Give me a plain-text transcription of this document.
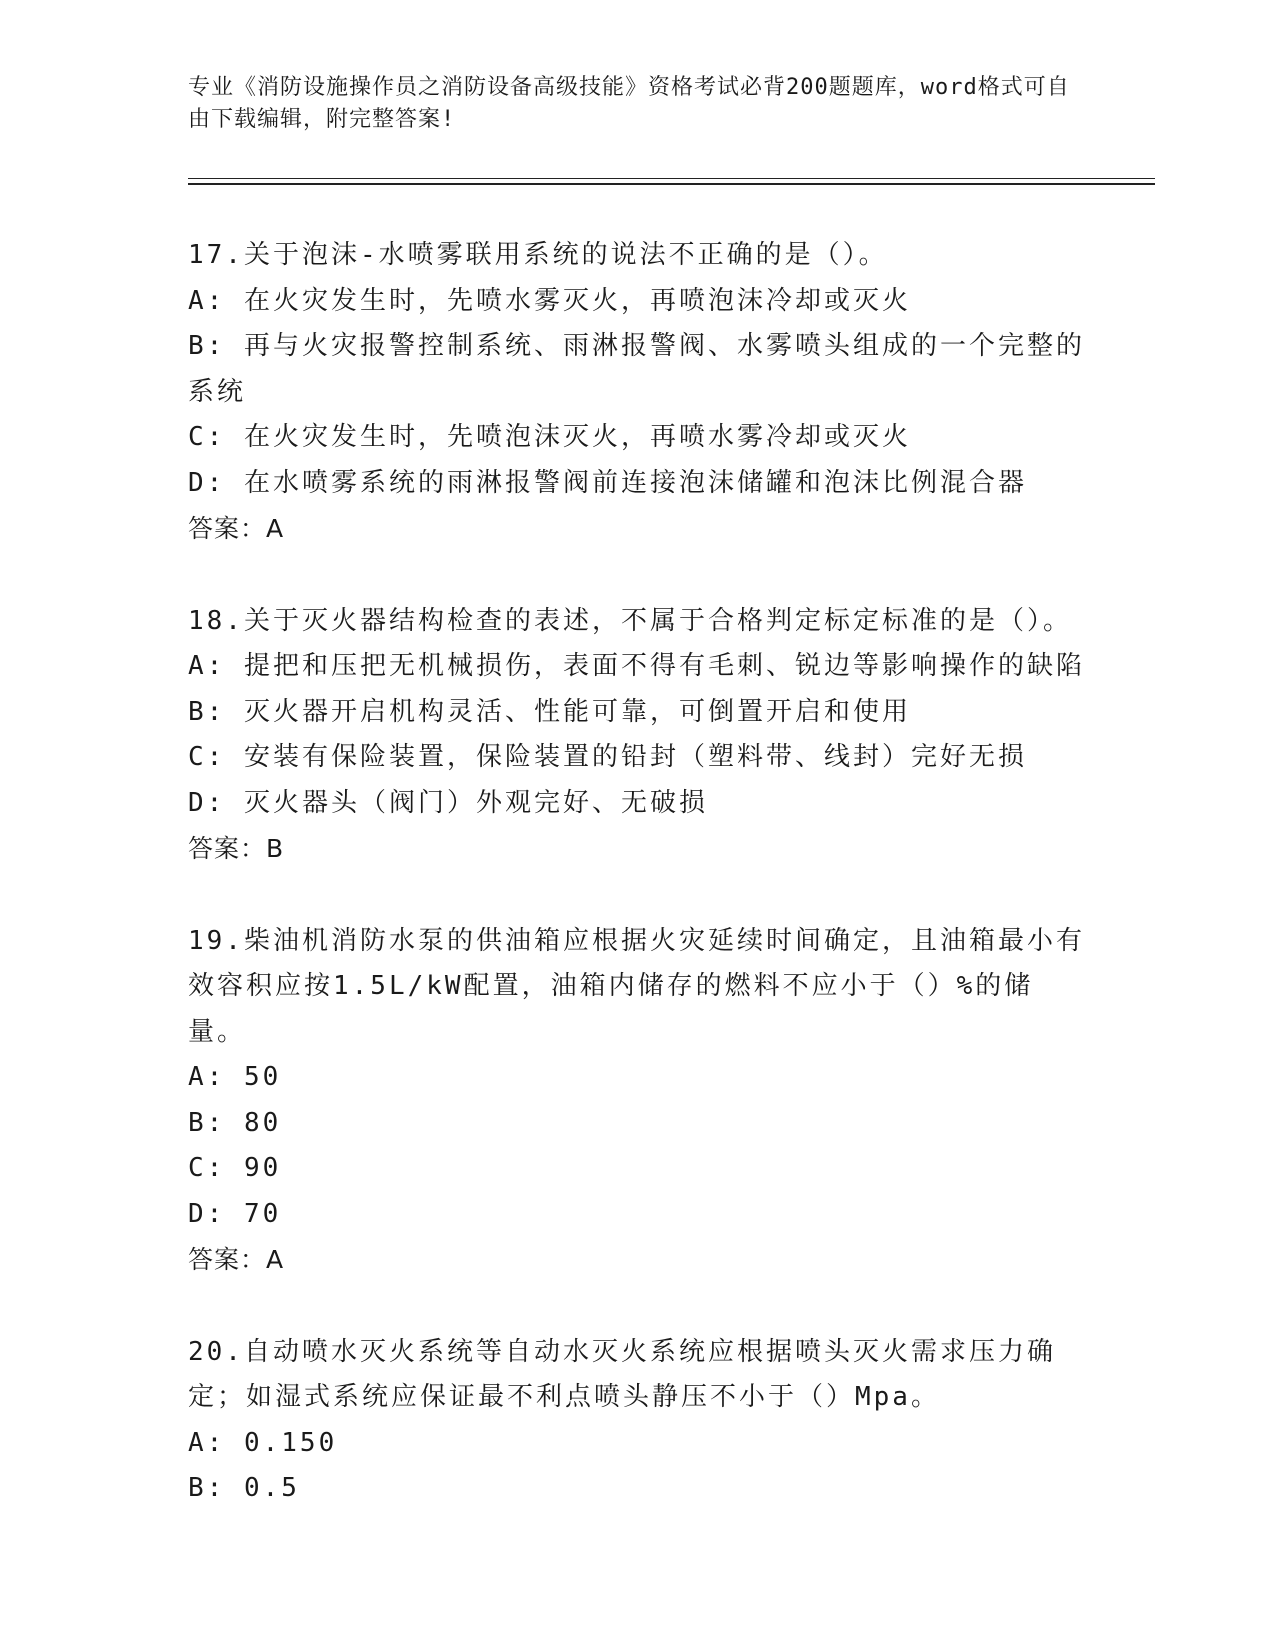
专业《消防设施操作员之消防设备高级技能》资格考试必背200题题库，word格式可自由下载编辑，附完整答案!

17.关于泡沫-水喷雾联用系统的说法不正确的是（）。

A: 在火灾发生时，先喷水雾灭火，再喷泡沫冷却或灭火

B: 再与火灾报警控制系统、雨淋报警阀、水雾喷头组成的一个完整的系统

C: 在火灾发生时，先喷泡沫灭火，再喷水雾冷却或灭火

D: 在水喷雾系统的雨淋报警阀前连接泡沫储罐和泡沫比例混合器

答案：A

18.关于灭火器结构检查的表述，不属于合格判定标定标准的是（）。

A: 提把和压把无机械损伤，表面不得有毛刺、锐边等影响操作的缺陷

B: 灭火器开启机构灵活、性能可靠，可倒置开启和使用

C: 安装有保险装置，保险装置的铅封（塑料带、线封）完好无损

D: 灭火器头（阀门）外观完好、无破损

答案：B

19.柴油机消防水泵的供油箱应根据火灾延续时间确定，且油箱最小有效容积应按1.5L/kW配置，油箱内储存的燃料不应小于（）%的储量。

A: 50

B: 80

C: 90

D: 70

答案：A

20.自动喷水灭火系统等自动水灭火系统应根据喷头灭火需求压力确定；如湿式系统应保证最不利点喷头静压不小于（）Mpa。

A: 0.150

B: 0.5
